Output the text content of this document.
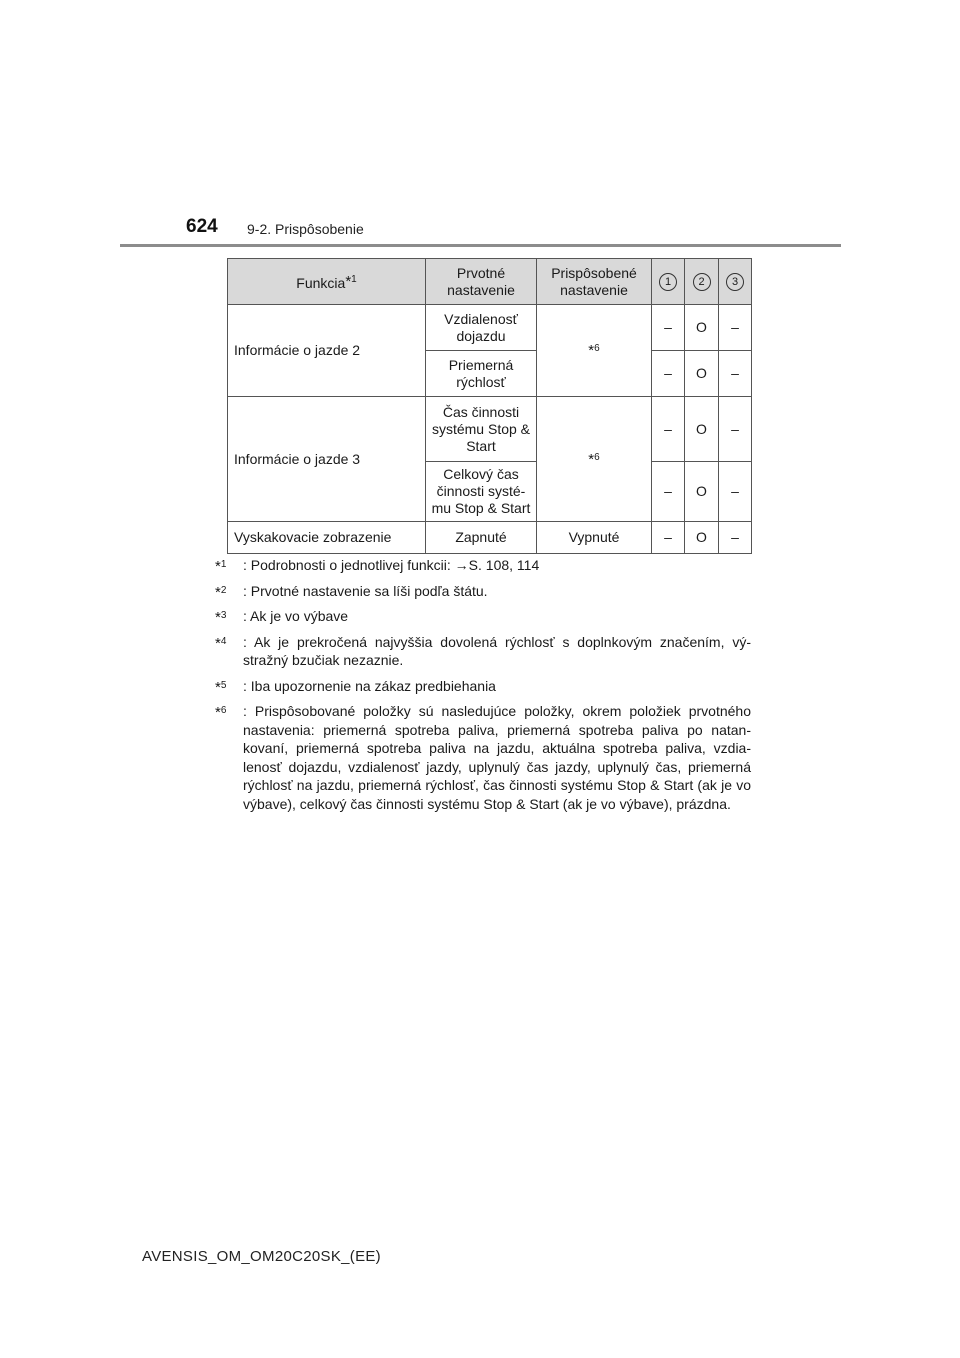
624 9-2. Prispôsobenie
Funkcia*$^1$	Prvotné nastavenie	Prispôsobené nastavenie	1	2	3
Informácie o jazde 2	Vzdialenosť dojazdu	*$^6$	–	O	–
	Priemerná rýchlosť		–	O	–
Informácie o jazde 3	Čas činnosti systému Stop & Start	*$^6$	–	O	–
	Celkový čas činnosti systé-mu Stop & Start		–	O	–
Vyskakovacie zobrazenie	Zapnuté	Vypnuté	–	O	–
*$^1$ : Podrobnosti o jednotlivej funkcii: →S. 108, 114
*$^2$ : Prvotné nastavenie sa líši podľa štátu.
*$^3$ : Ak je vo výbave
*$^4$ : Ak je prekročená najvyššia dovolená rýchlosť s doplnkovým značením, vý-stražný bzučiak nezaznie.
*$^5$ : Iba upozornenie na zákaz predbiehania
*$^6$ : Prispôsobované položky sú nasledujúce položky, okrem položiek prvotného nastavenia: priemerná spotreba paliva, priemerná spotreba paliva po natan-kovaní, priemerná spotreba paliva na jazdu, aktuálna spotreba paliva, vzdia-lenosť dojazdu, vzdialenosť jazdy, uplynulý čas jazdy, uplynulý čas, priemerná rýchlosť na jazdu, priemerná rýchlosť, čas činnosti systému Stop & Start (ak je vo výbave), celkový čas činnosti systému Stop & Start (ak je vo výbave), prázdna.
AVENSIS_OM_OM20C20SK_(EE)
